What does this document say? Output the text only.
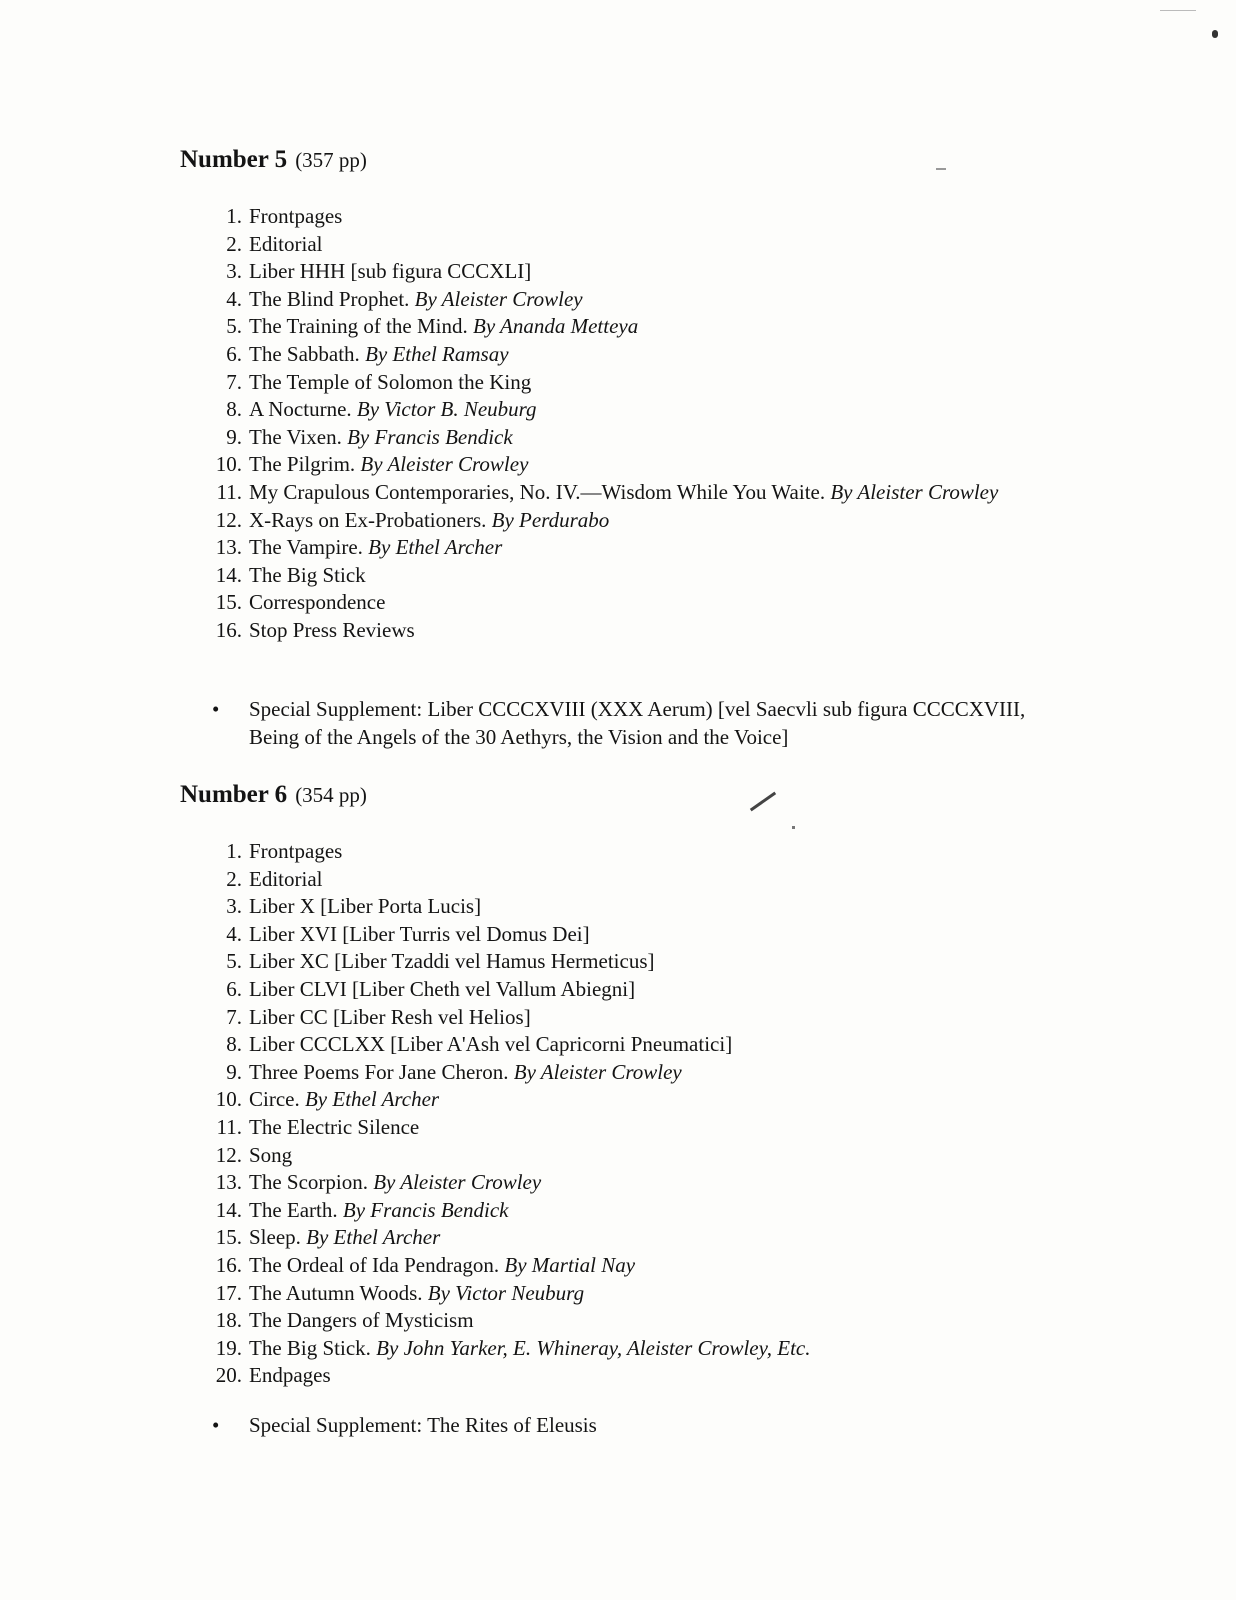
Number 5 (357 pp)
1 . Frontpages
2 . Editorial
3 . Liber HHH [sub figura CCCXLI]
4 . The Blind Prophet. By Aleister Crowley
5 . The Training of the Mind. By Ananda Metteya
6 . The Sabbath. By Ethel Ramsay
7 . The Temple of Solomon the King
8 . A Nocturne. By Victor B. Neuburg
9 . The Vixen. By Francis Bendick
10 . The Pilgrim. By Aleister Crowley
11 . My Crapulous Contemporaries, No. IV.—Wisdom While You Waite. By Aleister Crowley
12 . X-Rays on Ex-Probationers. By Perdurabo
13 . The Vampire. By Ethel Archer
14 . The Big Stick
15 . Correspondence
16 . Stop Press Reviews

•	Special Supplement: Liber CCCCXVIII (XXX Aerum) [vel Saecvli sub figura CCCCXVIII, Being of the Angels of the 30 Aethyrs, the Vision and the Voice]

Number 6 (354 pp)
1 . Frontpages
2 . Editorial
3 . Liber X [Liber Porta Lucis]
4 . Liber XVI [Liber Turris vel Domus Dei]
5 . Liber XC [Liber Tzaddi vel Hamus Hermeticus]
6 . Liber CLVI [Liber Cheth vel Vallum Abiegni]
7 . Liber CC [Liber Resh vel Helios]
8 . Liber CCCLXX [Liber A'Ash vel Capricorni Pneumatici]
9 . Three Poems For Jane Cheron. By Aleister Crowley
10 . Circe. By Ethel Archer
11 . The Electric Silence
12 . Song
13 . The Scorpion. By Aleister Crowley
14 . The Earth. By Francis Bendick
15 . Sleep. By Ethel Archer
16 . The Ordeal of Ida Pendragon. By Martial Nay
17 . The Autumn Woods. By Victor Neuburg
18 . The Dangers of Mysticism
19 . The Big Stick. By John Yarker, E. Whineray, Aleister Crowley, Etc.
20 . Endpages

•	Special Supplement: The Rites of Eleusis
